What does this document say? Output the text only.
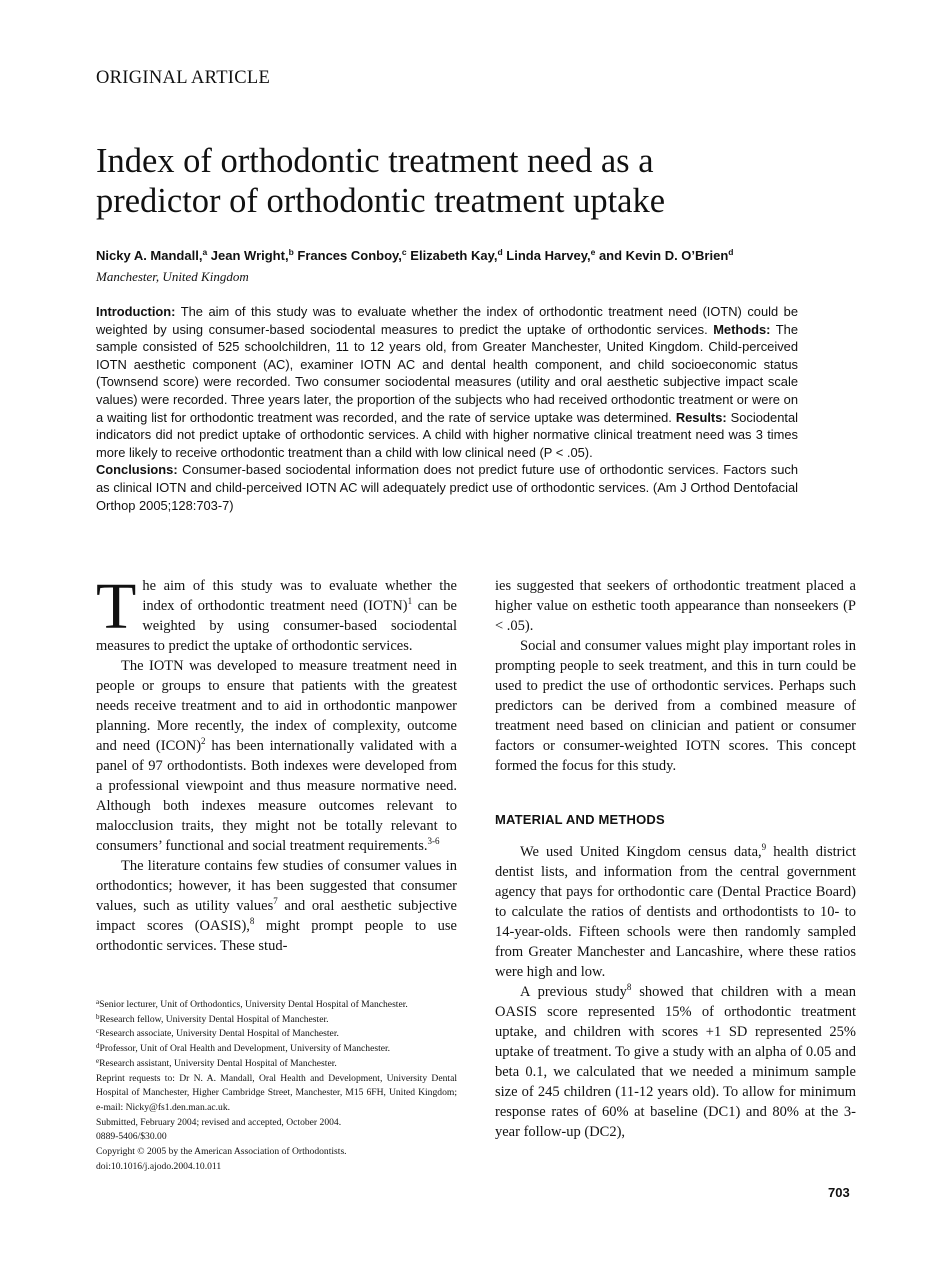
ORIGINAL ARTICLE
Index of orthodontic treatment need as a
predictor of orthodontic treatment uptake
Nicky A. Mandall,$^a$ Jean Wright,$^b$ Frances Conboy,$^c$ Elizabeth Kay,$^d$ Linda Harvey,$^e$ and Kevin D. O’Brien$^d$
Manchester, United Kingdom

Introduction: The aim of this study was to evaluate whether the index of orthodontic treatment need (IOTN) could be weighted by using consumer-based sociodental measures to predict the uptake of orthodontic services. Methods: The sample consisted of 525 schoolchildren, 11 to 12 years old, from Greater Manchester, United Kingdom. Child-perceived IOTN aesthetic component (AC), examiner IOTN AC and dental health component, and child socioeconomic status (Townsend score) were recorded. Two consumer sociodental measures (utility and oral aesthetic subjective impact scale values) were recorded. Three years later, the proportion of the subjects who had received orthodontic treatment or were on a waiting list for orthodontic treatment was recorded, and the rate of service uptake was determined. Results: Sociodental indicators did not predict uptake of orthodontic services. A child with higher normative clinical treatment need was 3 times more likely to receive orthodontic treatment than a child with low clinical need (P < .05).
Conclusions: Consumer-based sociodental information does not predict future use of orthodontic services. Factors such as clinical IOTN and child-perceived IOTN AC will adequately predict use of orthodontic services. (Am J Orthod Dentofacial Orthop 2005;128:703-7)

The aim of this study was to evaluate whether the index of orthodontic treatment need (IOTN)$^1$ can be weighted by using consumer-based sociodental measures to predict the uptake of orthodontic services.

The IOTN was developed to measure treatment need in people or groups to ensure that patients with the greatest needs receive treatment and to aid in orthodontic manpower planning. More recently, the index of complexity, outcome and need (ICON)$^2$ has been internationally validated with a panel of 97 orthodontists. Both indexes were developed from a professional viewpoint and thus measure normative need. Although both indexes measure outcomes relevant to malocclusion traits, they might not be totally relevant to consumers’ functional and social treatment requirements.$^{3-6}$

The literature contains few studies of consumer values in orthodontics; however, it has been suggested that consumer values, such as utility values$^7$ and oral aesthetic subjective impact scores (OASIS),$^8$ might prompt people to use orthodontic services. These stud-

$^a$Senior lecturer, Unit of Orthodontics, University Dental Hospital of Manchester.
$^b$Research fellow, University Dental Hospital of Manchester.
$^c$Research associate, University Dental Hospital of Manchester.
$^d$Professor, Unit of Oral Health and Development, University of Manchester.
$^e$Research assistant, University Dental Hospital of Manchester.
Reprint requests to: Dr N. A. Mandall, Oral Health and Development, University Dental Hospital of Manchester, Higher Cambridge Street, Manchester, M15 6FH, United Kingdom; e-mail: Nicky@fs1.den.man.ac.uk.
Submitted, February 2004; revised and accepted, October 2004.
0889-5406/$30.00
Copyright © 2005 by the American Association of Orthodontists.
doi:10.1016/j.ajodo.2004.10.011

ies suggested that seekers of orthodontic treatment placed a higher value on esthetic tooth appearance than nonseekers (P < .05).

Social and consumer values might play important roles in prompting people to seek treatment, and this in turn could be used to predict the use of orthodontic services. Perhaps such predictors can be derived from a combined measure of treatment need based on clinician and patient or consumer factors or consumer-weighted IOTN scores. This concept formed the focus for this study.

MATERIAL AND METHODS

We used United Kingdom census data,$^9$ health district dentist lists, and information from the central government agency that pays for orthodontic care (Dental Practice Board) to calculate the ratios of dentists and orthodontists to 10- to 14-year-olds. Fifteen schools were then randomly sampled from Greater Manchester and Lancashire, where these ratios were high and low.

A previous study$^8$ showed that children with a mean OASIS score represented 15% of orthodontic treatment uptake, and children with scores +1 SD represented 25% uptake of treatment. To give a study with an alpha of 0.05 and beta 0.1, we calculated that we needed a minimum sample size of 245 children (11-12 years old). To allow for minimum response rates of 60% at baseline (DC1) and 80% at the 3-year follow-up (DC2),

703
